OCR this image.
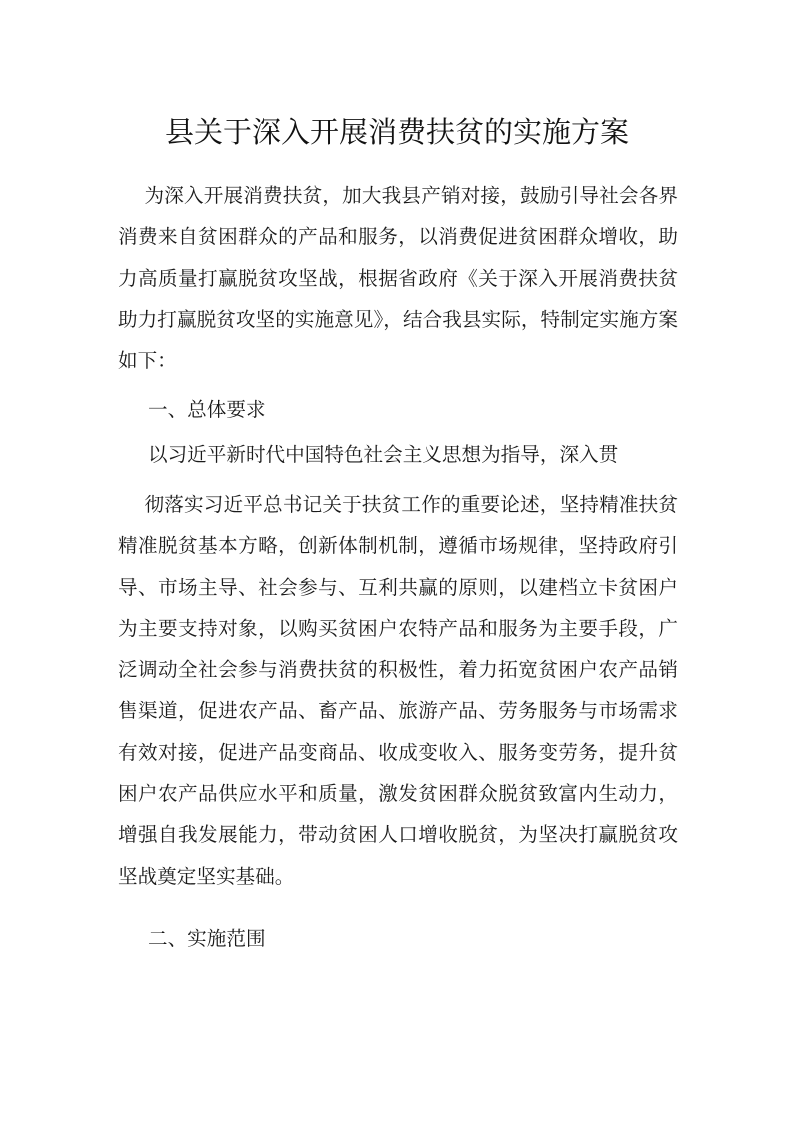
县关于深入开展消费扶贫的实施方案

为深入开展消费扶贫，加大我县产销对接，鼓励引导社会各界消费来自贫困群众的产品和服务，以消费促进贫困群众增收，助力高质量打赢脱贫攻坚战，根据省政府《关于深入开展消费扶贫助力打赢脱贫攻坚的实施意见》，结合我县实际，特制定实施方案如下：

一、总体要求

以习近平新时代中国特色社会主义思想为指导，深入贯

彻落实习近平总书记关于扶贫工作的重要论述，坚持精准扶贫精准脱贫基本方略，创新体制机制，遵循市场规律，坚持政府引导、市场主导、社会参与、互利共赢的原则，以建档立卡贫困户为主要支持对象，以购买贫困户农特产品和服务为主要手段，广泛调动全社会参与消费扶贫的积极性，着力拓宽贫困户农产品销售渠道，促进农产品、畜产品、旅游产品、劳务服务与市场需求有效对接，促进产品变商品、收成变收入、服务变劳务，提升贫困户农产品供应水平和质量，激发贫困群众脱贫致富内生动力，增强自我发展能力，带动贫困人口增收脱贫，为坚决打赢脱贫攻坚战奠定坚实基础。

二、实施范围
